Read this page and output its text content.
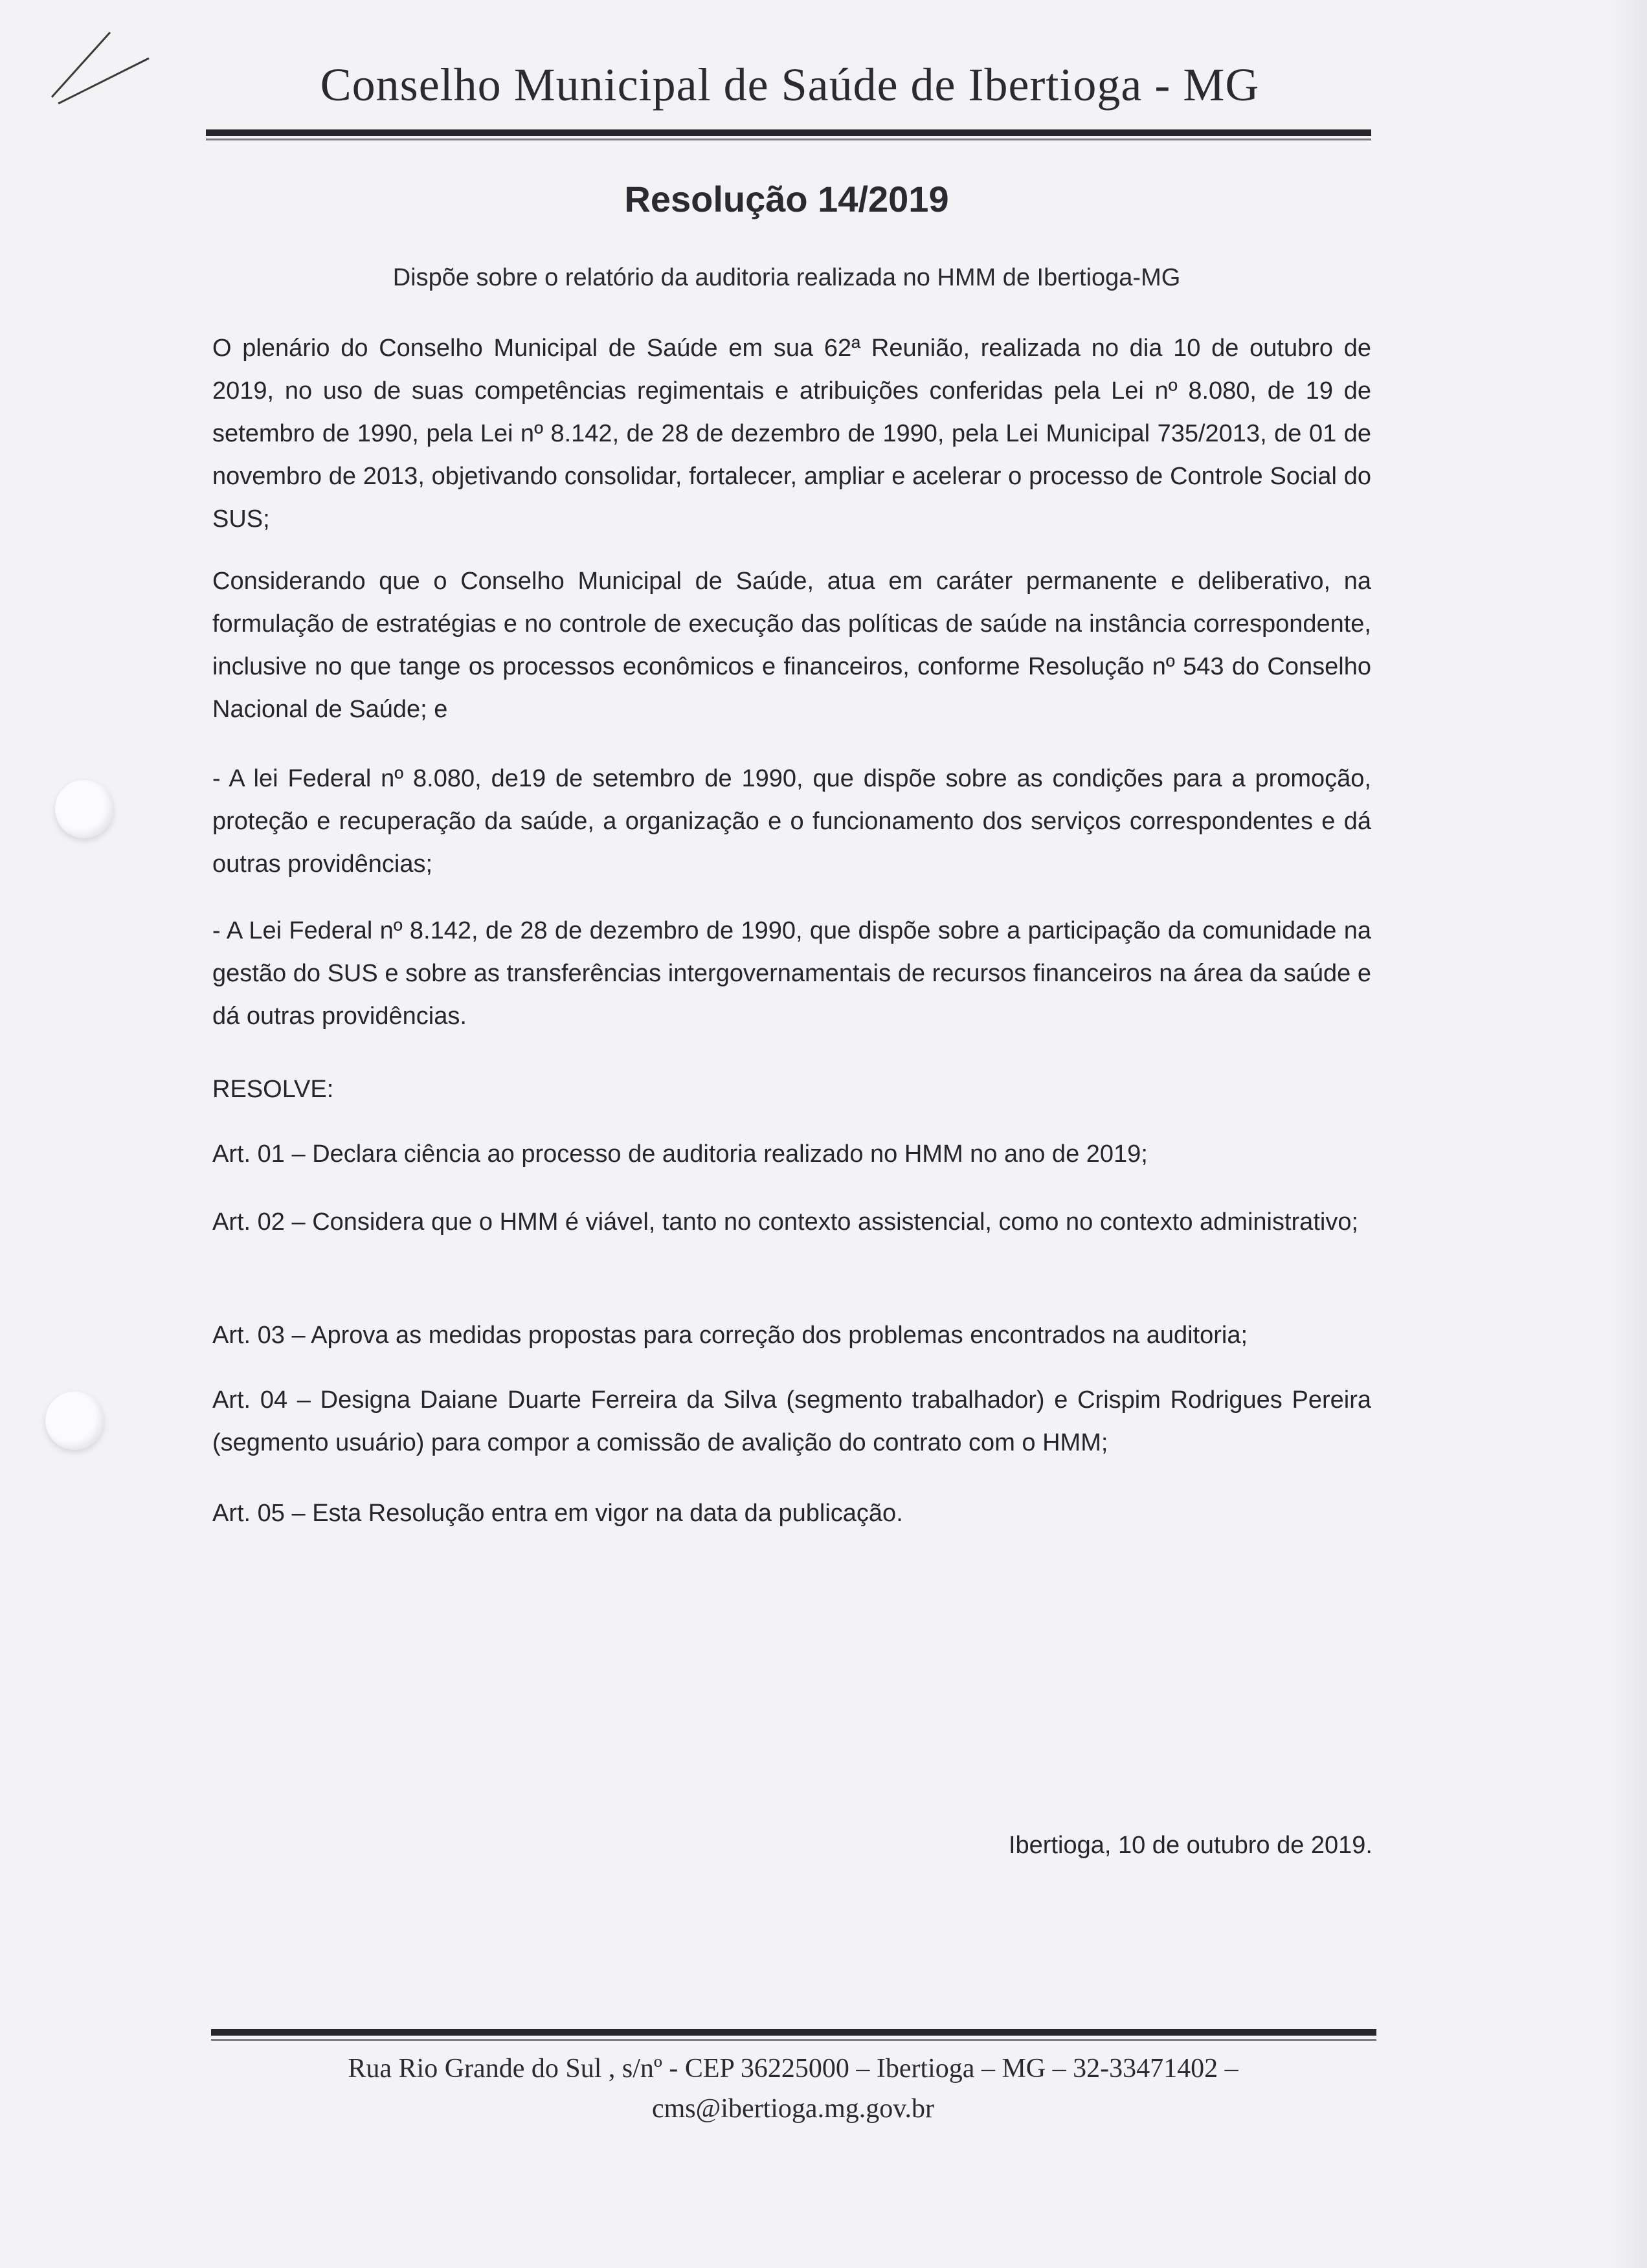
Conselho Municipal de Saúde de Ibertioga - MG
Resolução 14/2019
Dispõe sobre o relatório da auditoria realizada no HMM de Ibertioga-MG
O plenário do Conselho Municipal de Saúde em sua 62ª Reunião, realizada no dia 10 de outubro de 2019, no uso de suas competências regimentais e atribuições conferidas pela Lei nº 8.080, de 19 de setembro de 1990, pela Lei nº 8.142, de 28 de dezembro de 1990, pela Lei Municipal 735/2013, de 01 de novembro de 2013, objetivando consolidar, fortalecer, ampliar e acelerar o processo de Controle Social do SUS;
Considerando que o Conselho Municipal de Saúde, atua em caráter permanente e deliberativo, na formulação de estratégias e no controle de execução das políticas de saúde na instância correspondente, inclusive no que tange os processos econômicos e financeiros, conforme Resolução nº 543 do Conselho Nacional de Saúde; e
- A lei Federal nº 8.080, de19 de setembro de 1990, que dispõe sobre as condições para a promoção, proteção e recuperação da saúde, a organização e o funcionamento dos serviços correspondentes e dá outras providências;
- A Lei Federal nº 8.142, de 28 de dezembro de 1990, que dispõe sobre a participação da comunidade na gestão do SUS e sobre as transferências intergovernamentais de recursos financeiros na área da saúde e dá outras providências.
RESOLVE:
Art. 01 – Declara ciência ao processo de auditoria realizado no HMM no ano de 2019;
Art. 02 – Considera que o HMM é viável, tanto no contexto assistencial, como no contexto administrativo;
Art. 03 – Aprova as medidas propostas para correção dos problemas encontrados na auditoria;
Art. 04 – Designa Daiane Duarte Ferreira da Silva (segmento trabalhador) e Crispim Rodrigues Pereira (segmento usuário) para compor a comissão de avalição do contrato com o HMM;
Art. 05 – Esta Resolução entra em vigor na data da publicação.
Ibertioga, 10 de outubro de 2019.
Rua Rio Grande do Sul , s/nº - CEP 36225000 – Ibertioga – MG – 32-33471402 –
cms@ibertioga.mg.gov.br
